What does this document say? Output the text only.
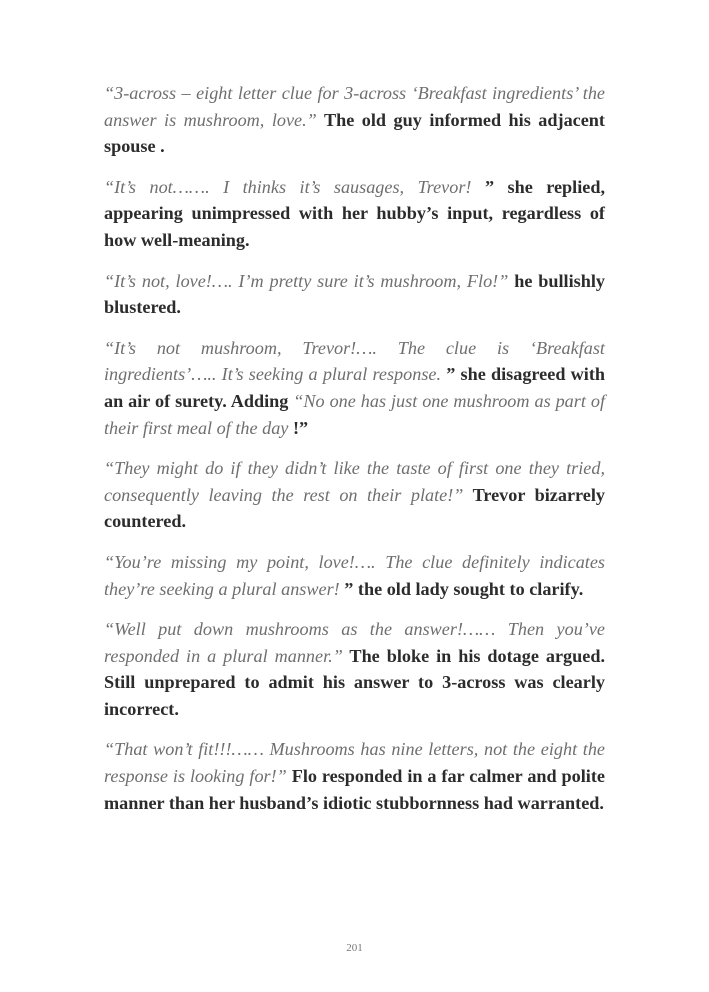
“3-across – eight letter clue for 3-across ‘Breakfast ingredients’ the answer is mushroom, love.” The old guy informed his adjacent spouse .

“It’s not……. I thinks it’s sausages, Trevor! ” she replied, appearing unimpressed with her hubby’s input, regardless of how well-meaning.

“It’s not, love!…. I’m pretty sure it’s mushroom, Flo!” he bullishly blustered.

“It’s not mushroom, Trevor!…. The clue is ‘Breakfast ingredients’….. It’s seeking a plural response. ” she disagreed with an air of surety. Adding “No one has just one mushroom as part of their first meal of the day !”

“They might do if they didn’t like the taste of first one they tried, consequently leaving the rest on their plate!” Trevor bizarrely countered.

“You’re missing my point, love!…. The clue definitely indicates they’re seeking a plural answer! ” the old lady sought to clarify.

“Well put down mushrooms as the answer!…… Then you’ve responded in a plural manner.” The bloke in his dotage argued. Still unprepared to admit his answer to 3-across was clearly incorrect.

“That won’t fit!!!…… Mushrooms has nine letters, not the eight the response is looking for!” Flo responded in a far calmer and polite manner than her husband’s idiotic stubbornness had warranted.

201
